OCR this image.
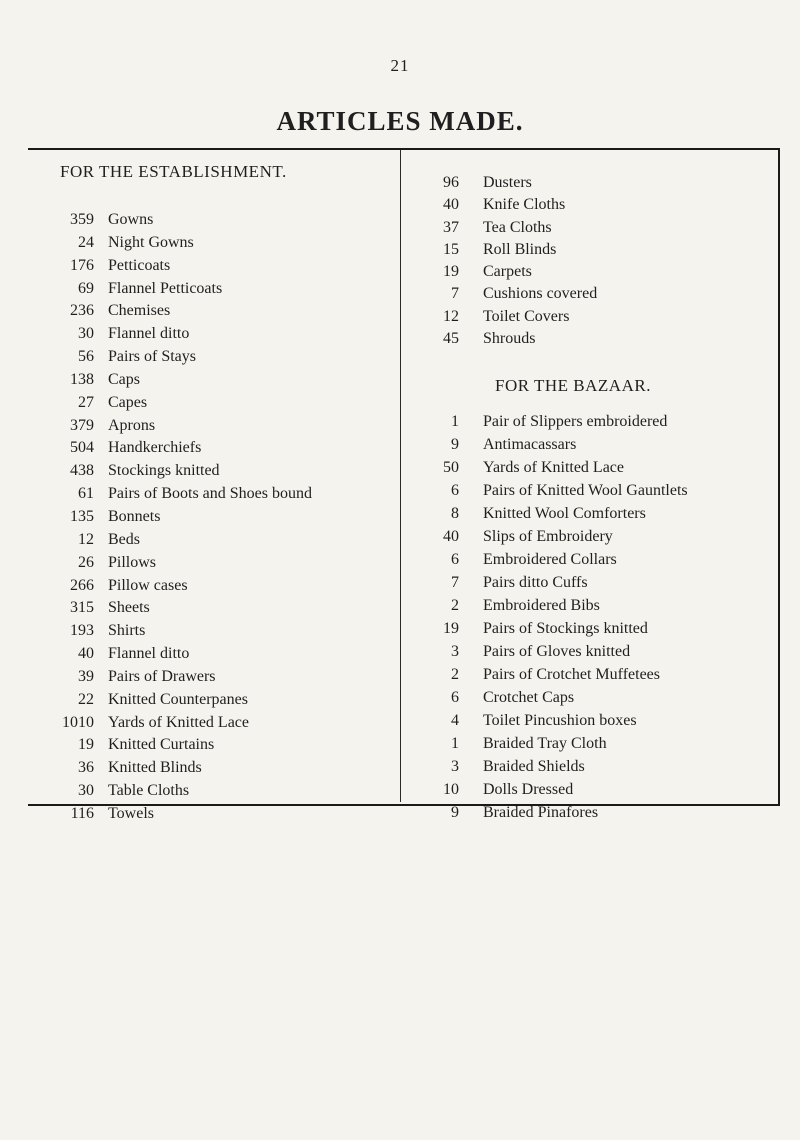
21
ARTICLES MADE.
FOR THE ESTABLISHMENT.
359 Gowns
24 Night Gowns
176 Petticoats
69 Flannel Petticoats
236 Chemises
30 Flannel ditto
56 Pairs of Stays
138 Caps
27 Capes
379 Aprons
504 Handkerchiefs
438 Stockings knitted
61 Pairs of Boots and Shoes bound
135 Bonnets
12 Beds
26 Pillows
266 Pillow cases
315 Sheets
193 Shirts
40 Flannel ditto
39 Pairs of Drawers
22 Knitted Counterpanes
1010 Yards of Knitted Lace
19 Knitted Curtains
36 Knitted Blinds
30 Table Cloths
116 Towels
96 Dusters
40 Knife Cloths
37 Tea Cloths
15 Roll Blinds
19 Carpets
7 Cushions covered
12 Toilet Covers
45 Shrouds
FOR THE BAZAAR.
1 Pair of Slippers embroidered
9 Antimacassars
50 Yards of Knitted Lace
6 Pairs of Knitted Wool Gauntlets
8 Knitted Wool Comforters
40 Slips of Embroidery
6 Embroidered Collars
7 Pairs ditto Cuffs
2 Embroidered Bibs
19 Pairs of Stockings knitted
3 Pairs of Gloves knitted
2 Pairs of Crotchet Muffetees
6 Crotchet Caps
4 Toilet Pincushion boxes
1 Braided Tray Cloth
3 Braided Shields
10 Dolls Dressed
9 Braided Pinafores
